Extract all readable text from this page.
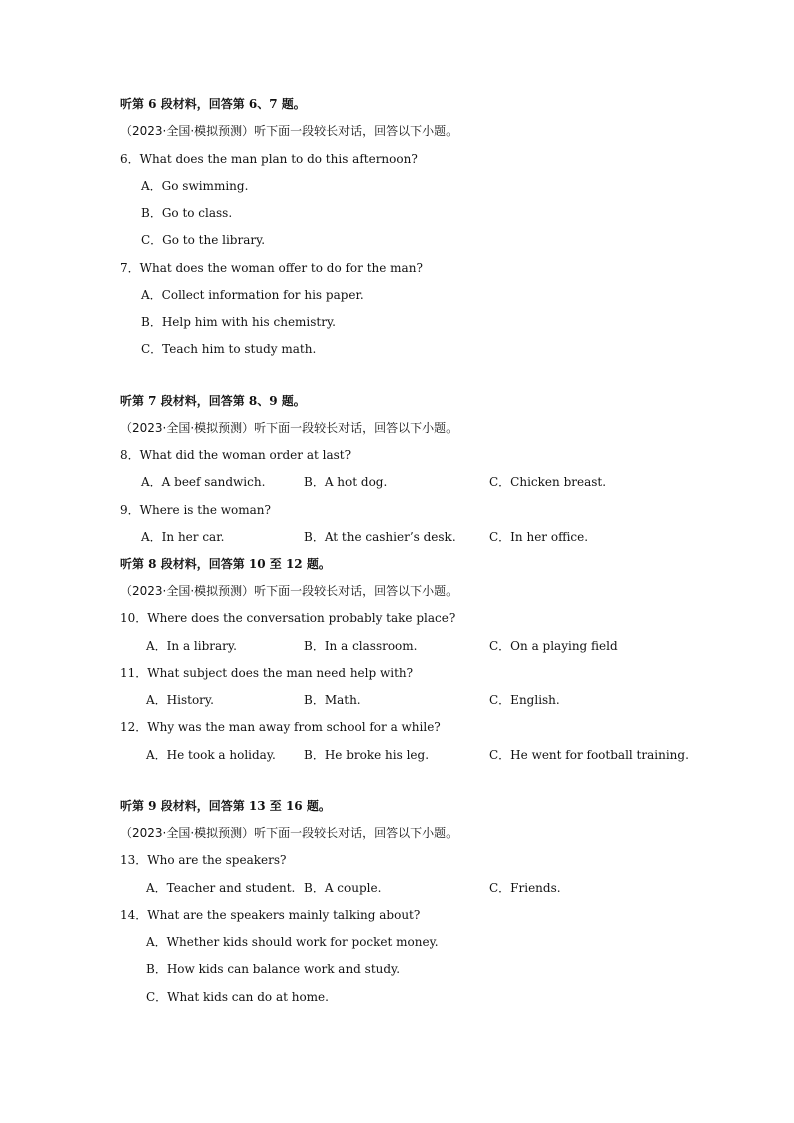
听第 6 段材料，回答第 6、7 题。
（2023·全国·模拟预测）听下面一段较长对话，回答以下小题。
6．What does the man plan to do this afternoon?
A．Go swimming.
B．Go to class.
C．Go to the library.
7．What does the woman offer to do for the man?
A．Collect information for his paper.
B．Help him with his chemistry.
C．Teach him to study math.
听第 7 段材料，回答第 8、9 题。
（2023·全国·模拟预测）听下面一段较长对话，回答以下小题。
8．What did the woman order at last?
A．A beef sandwich.	B．A hot dog.	C．Chicken breast.
9．Where is the woman?
A．In her car.	B．At the cashier’s desk.	C．In her office.
听第 8 段材料，回答第 10 至 12 题。
（2023·全国·模拟预测）听下面一段较长对话，回答以下小题。
10．Where does the conversation probably take place?
A．In a library.	B．In a classroom.	C．On a playing field
11．What subject does the man need help with?
A．History.	B．Math.	C．English.
12．Why was the man away from school for a while?
A．He took a holiday. B．He broke his leg.	C．He went for football training.
听第 9 段材料，回答第 13 至 16 题。
（2023·全国·模拟预测）听下面一段较长对话，回答以下小题。
13．Who are the speakers?
A．Teacher and student. B．A couple.	C．Friends.
14．What are the speakers mainly talking about?
A．Whether kids should work for pocket money.
B．How kids can balance work and study.
C．What kids can do at home.
